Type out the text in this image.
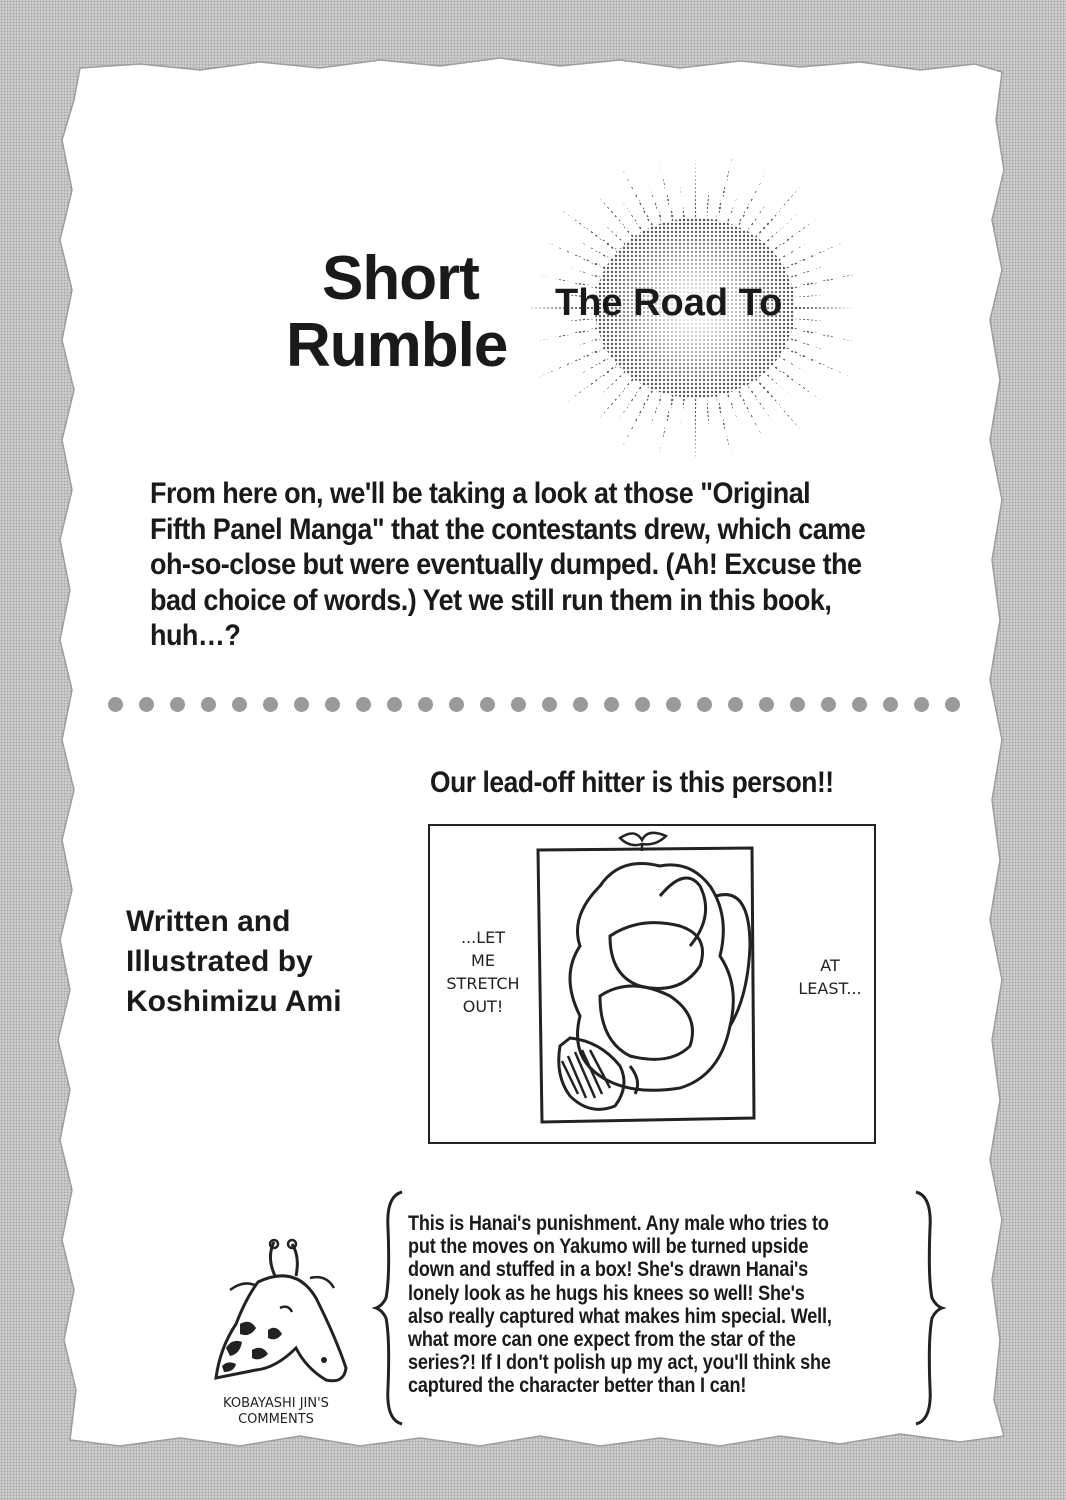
Short
Rumble
The Road To
From here on, we'll be taking a look at those "Original Fifth Panel Manga" that the contestants drew, which came oh-so-close but were eventually dumped. (Ah! Excuse the bad choice of words.) Yet we still run them in this book, huh…?
Our lead-off hitter is this person!!
Written and
Illustrated by
Koshimizu Ami
...LET
ME
STRETCH
OUT!
AT
LEAST...
This is Hanai's punishment. Any male who tries to put the moves on Yakumo will be turned upside down and stuffed in a box! She's drawn Hanai's lonely look as he hugs his knees so well! She's also really captured what makes him special. Well, what more can one expect from the star of the series?! If I don't polish up my act, you'll think she captured the character better than I can!
KOBAYASHI JIN'S
COMMENTS
